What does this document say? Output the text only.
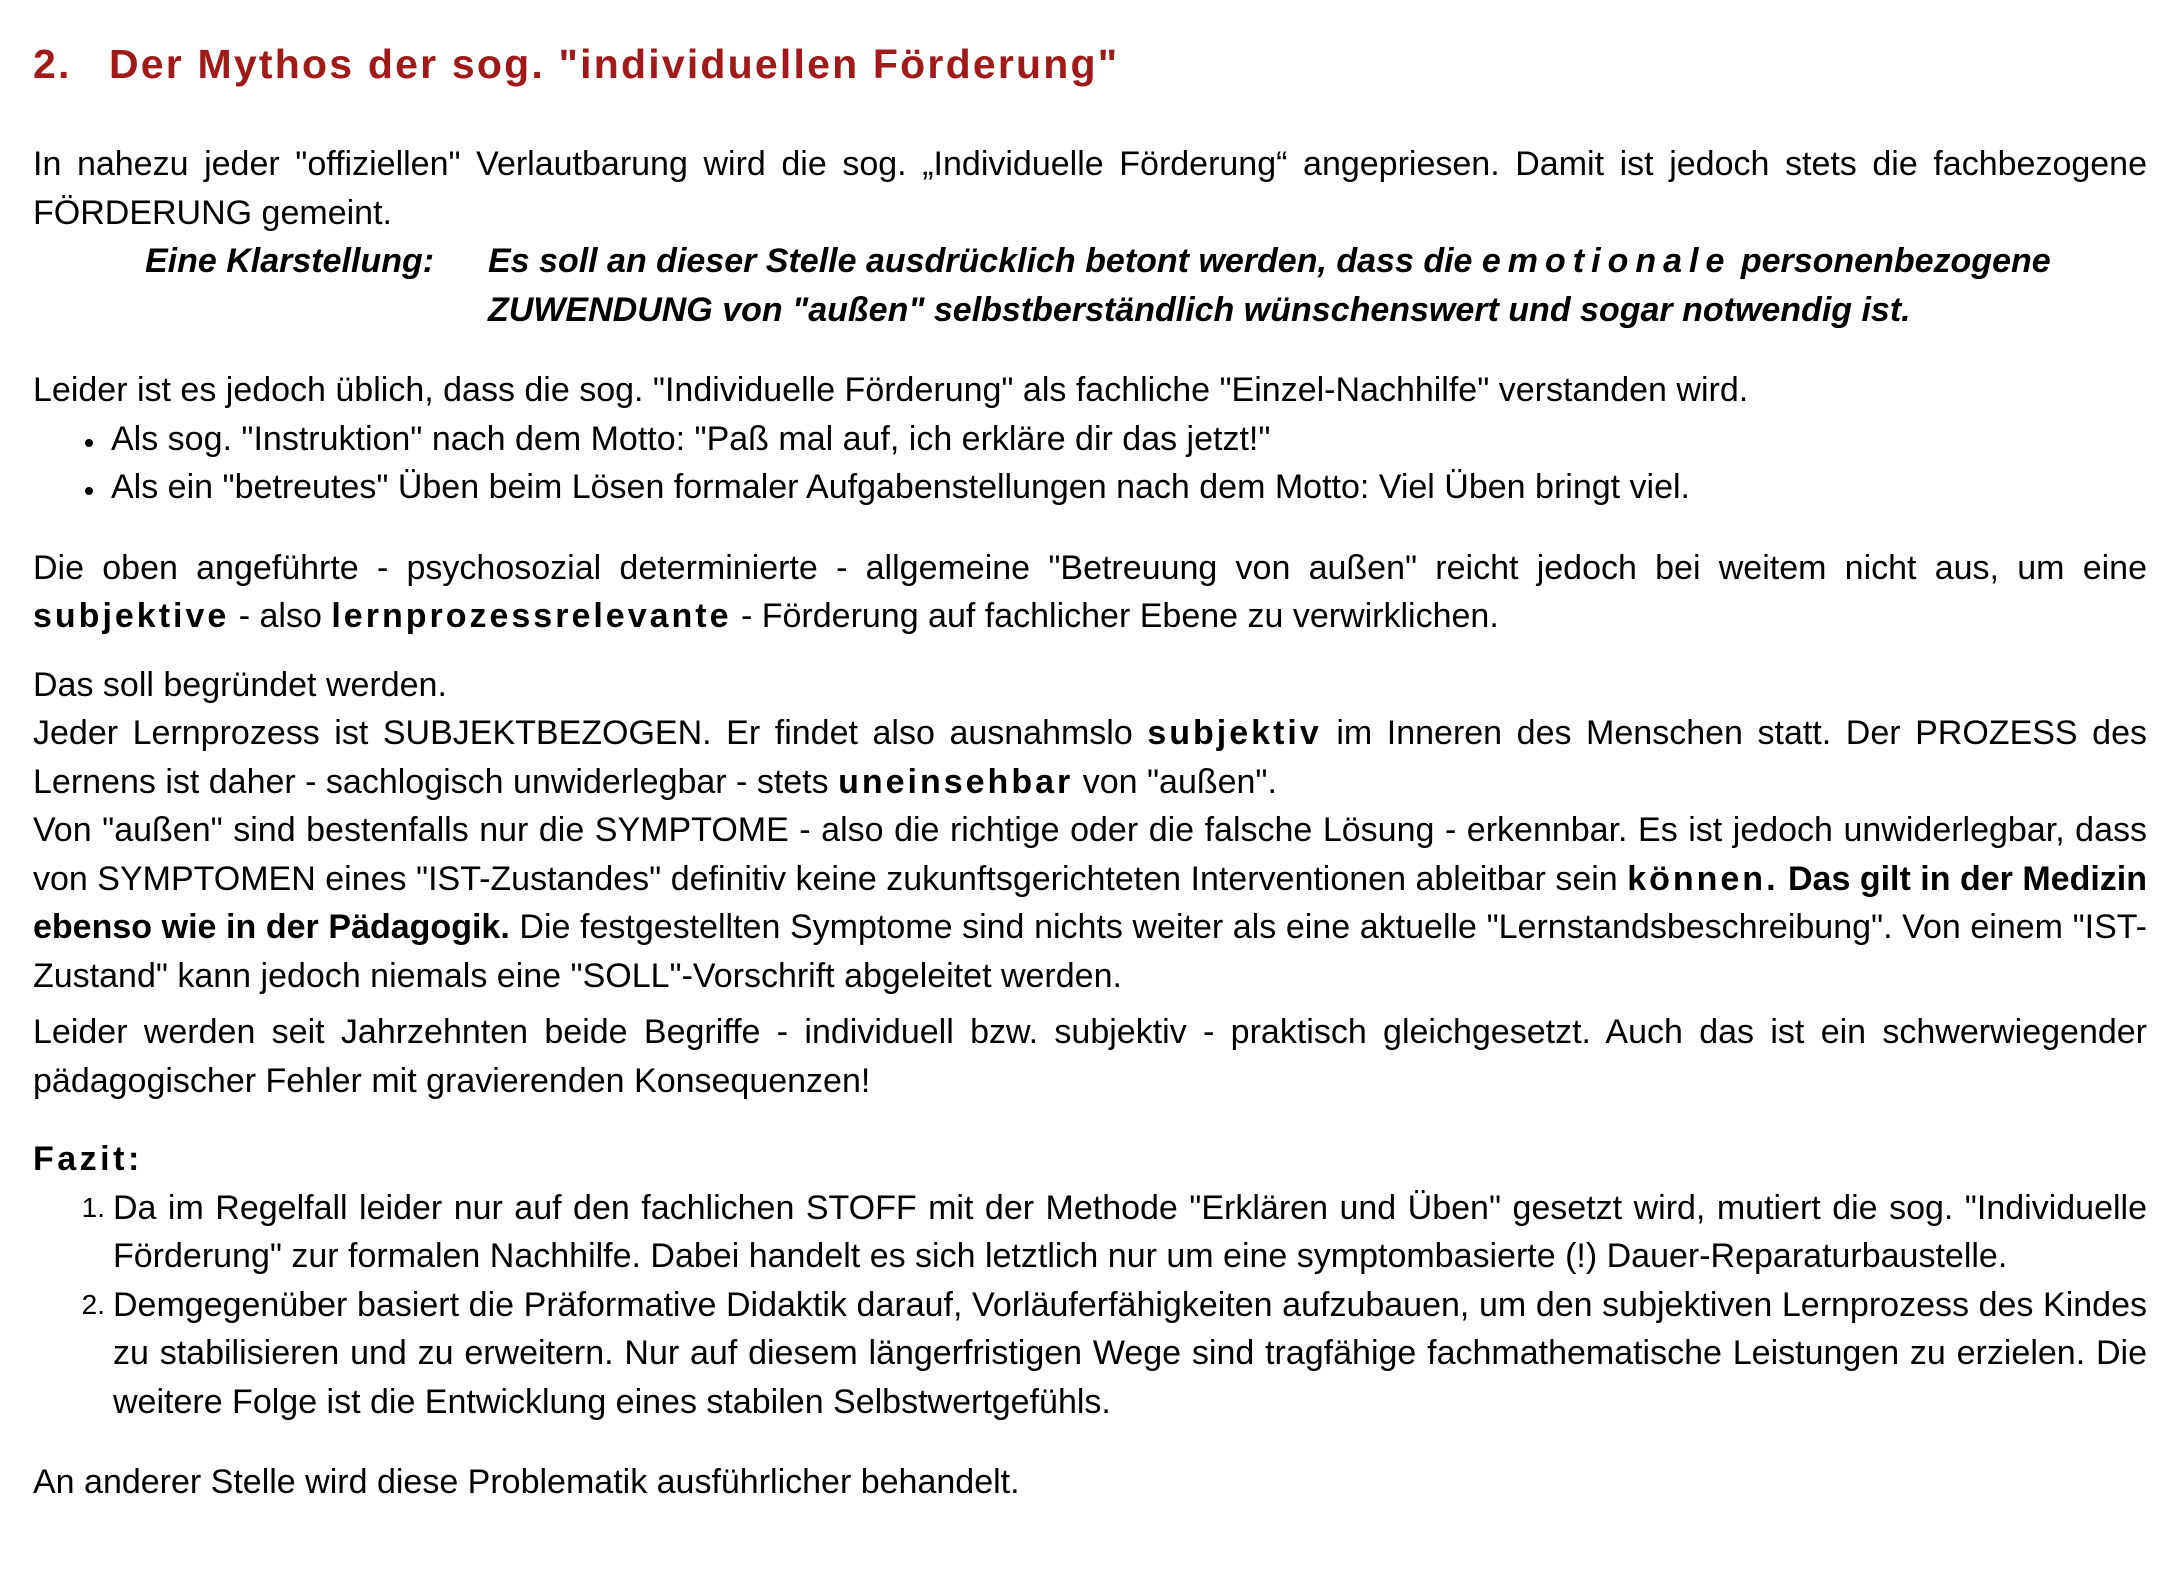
2. Der Mythos der sog. "individuellen Förderung"

In nahezu jeder "offiziellen" Verlautbarung wird die sog. „Individuelle Förderung“ angepriesen. Damit ist jedoch stets die fachbezogene FÖRDERUNG gemeint.

Eine Klarstellung:	Es soll an dieser Stelle ausdrücklich betont werden, dass die emotionale personenbezogene ZUWENDUNG von "außen" selbstberständlich wünschenswert und sogar notwendig ist.

Leider ist es jedoch üblich, dass die sog. "Individuelle Förderung" als fachliche "Einzel-Nachhilfe" verstanden wird.

Als sog. "Instruktion" nach dem Motto: "Paß mal auf, ich erkläre dir das jetzt!"
Als ein "betreutes" Üben beim Lösen formaler Aufgabenstellungen nach dem Motto: Viel Üben bringt viel.

Die oben angeführte - psychosozial determinierte - allgemeine "Betreuung von außen" reicht jedoch bei weitem nicht aus, um eine subjektive - also lernprozessrelevante - Förderung auf fachlicher Ebene zu verwirklichen.

Das soll begründet werden.

Jeder Lernprozess ist SUBJEKTBEZOGEN. Er findet also ausnahmslo subjektiv im Inneren des Menschen statt. Der PROZESS des Lernens ist daher - sachlogisch unwiderlegbar - stets uneinsehbar von "außen".

Von "außen" sind bestenfalls nur die SYMPTOME - also die richtige oder die falsche Lösung - erkennbar. Es ist jedoch unwiderlegbar, dass von SYMPTOMEN eines "IST-Zustandes" definitiv keine zukunftsgerichteten Interventionen ableitbar sein können. Das gilt in der Medizin ebenso wie in der Pädagogik. Die festgestellten Symptome sind nichts weiter als eine aktuelle "Lernstandsbeschreibung". Von einem "IST-Zustand" kann jedoch niemals eine "SOLL"-Vorschrift abgeleitet werden.

Leider werden seit Jahrzehnten beide Begriffe - individuell bzw. subjektiv - praktisch gleichgesetzt. Auch das ist ein schwerwiegender pädagogischer Fehler mit gravierenden Konsequenzen!

Fazit:

1. Da im Regelfall leider nur auf den fachlichen STOFF mit der Methode "Erklären und Üben" gesetzt wird, mutiert die sog. "Individuelle Förderung" zur formalen Nachhilfe. Dabei handelt es sich letztlich nur um eine symptombasierte (!) Dauer-Reparaturbaustelle.
2. Demgegenüber basiert die Präformative Didaktik darauf, Vorläuferfähigkeiten aufzubauen, um den subjektiven Lernprozess des Kindes zu stabilisieren und zu erweitern. Nur auf diesem längerfristigen Wege sind tragfähige fachmathematische Leistungen zu erzielen. Die weitere Folge ist die Entwicklung eines stabilen Selbstwertgefühls.

An anderer Stelle wird diese Problematik ausführlicher behandelt.
